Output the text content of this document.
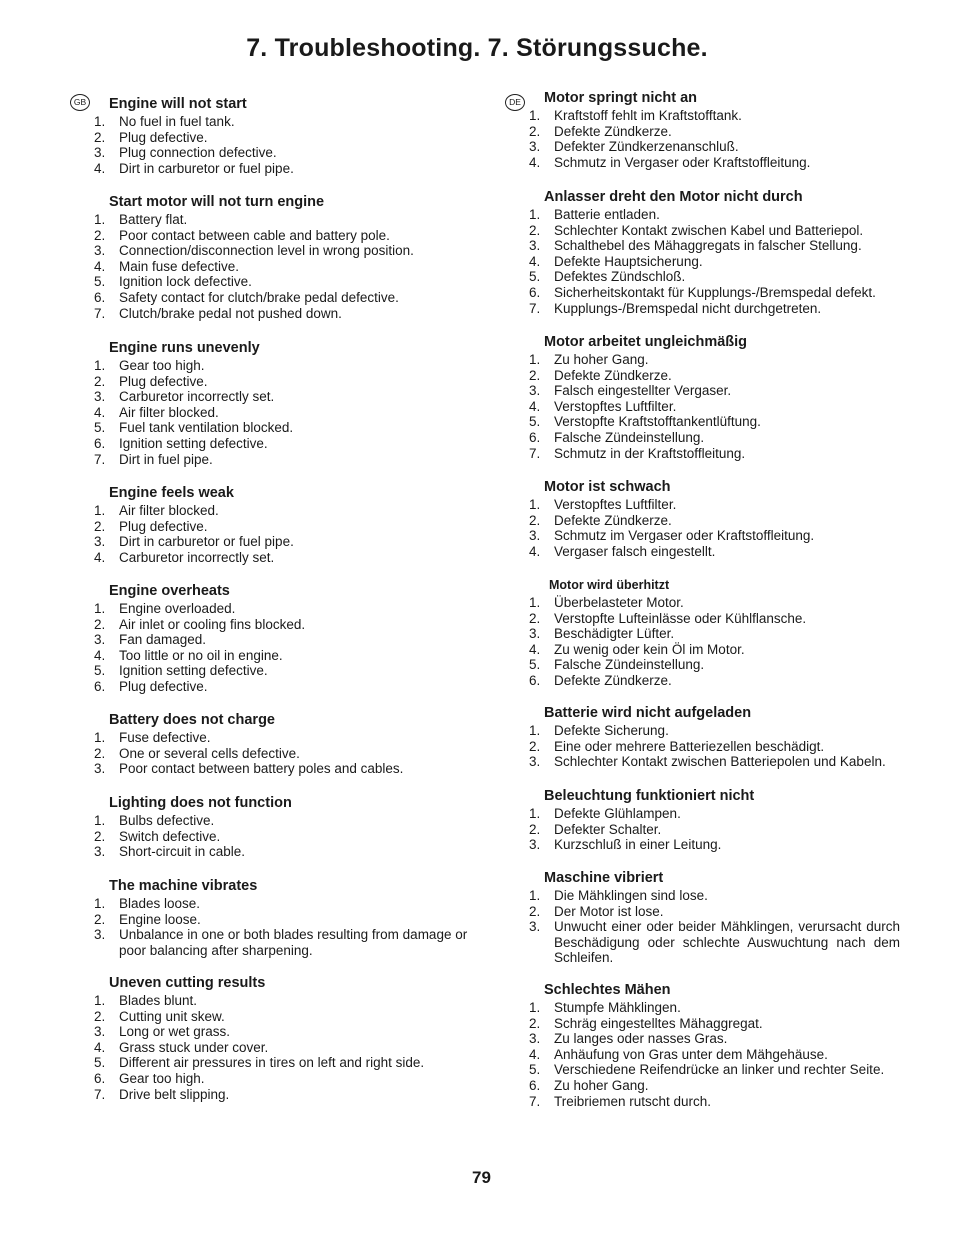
7. Troubleshooting. 7. Störungssuche.
GB Engine will not start
1. No fuel in fuel tank.
2. Plug defective.
3. Plug connection defective.
4. Dirt in carburetor or fuel pipe.
Start motor will not turn engine
1. Battery flat.
2. Poor contact between cable and battery pole.
3. Connection/disconnection level in wrong position.
4. Main fuse defective.
5. Ignition lock defective.
6. Safety contact for clutch/brake pedal defective.
7. Clutch/brake pedal not pushed down.
Engine runs unevenly
1. Gear too high.
2. Plug defective.
3. Carburetor incorrectly set.
4. Air filter blocked.
5. Fuel tank ventilation blocked.
6. Ignition setting defective.
7. Dirt in fuel pipe.
Engine feels weak
1. Air filter blocked.
2. Plug defective.
3. Dirt in carburetor or fuel pipe.
4. Carburetor incorrectly set.
Engine overheats
1. Engine overloaded.
2. Air inlet or cooling fins blocked.
3. Fan damaged.
4. Too little or no oil in engine.
5. Ignition setting defective.
6. Plug defective.
Battery does not charge
1. Fuse defective.
2. One or several cells defective.
3. Poor contact between battery poles and cables.
Lighting does not function
1. Bulbs defective.
2. Switch defective.
3. Short-circuit in cable.
The machine vibrates
1. Blades loose.
2. Engine loose.
3. Unbalance in one or both blades resulting from damage or poor balancing after sharpening.
Uneven cutting results
1. Blades blunt.
2. Cutting unit skew.
3. Long or wet grass.
4. Grass stuck under cover.
5. Different air pressures in tires on left and right side.
6. Gear too high.
7. Drive belt slipping.
DE Motor springt nicht an
1. Kraftstoff fehlt im Kraftstofftank.
2. Defekte Zündkerze.
3. Defekter Zündkerzenanschluß.
4. Schmutz in Vergaser oder Kraftstoffleitung.
Anlasser dreht den Motor nicht durch
1. Batterie entladen.
2. Schlechter Kontakt zwischen Kabel und Batteriepol.
3. Schalthebel des Mähaggregats in falscher Stellung.
4. Defekte Hauptsicherung.
5. Defektes Zündschloß.
6. Sicherheitskontakt für Kupplungs-/Bremspedal defekt.
7. Kupplungs-/Bremspedal nicht durchgetreten.
Motor arbeitet ungleichmäßig
1. Zu hoher Gang.
2. Defekte Zündkerze.
3. Falsch eingestellter Vergaser.
4. Verstopftes Luftfilter.
5. Verstopfte Kraftstofftankentlüftung.
6. Falsche Zündeinstellung.
7. Schmutz in der Kraftstoffleitung.
Motor ist schwach
1. Verstopftes Luftfilter.
2. Defekte Zündkerze.
3. Schmutz im Vergaser oder Kraftstoffleitung.
4. Vergaser falsch eingestellt.
Motor wird überhitzt
1. Überbelasteter Motor.
2. Verstopfte Lufteinlässe oder Kühlflansche.
3. Beschädigter Lüfter.
4. Zu wenig oder kein Öl im Motor.
5. Falsche Zündeinstellung.
6. Defekte Zündkerze.
Batterie wird nicht aufgeladen
1. Defekte Sicherung.
2. Eine oder mehrere Batteriezellen beschädigt.
3. Schlechter Kontakt zwischen Batteriepolen und Kabeln.
Beleuchtung funktioniert nicht
1. Defekte Glühlampen.
2. Defekter Schalter.
3. Kurzschluß in einer Leitung.
Maschine vibriert
1. Die Mähklingen sind lose.
2. Der Motor ist lose.
3. Unwucht einer oder beider Mähklingen, verursacht durch Beschädigung oder schlechte Auswuchtung nach dem Schleifen.
Schlechtes Mähen
1. Stumpfe Mähklingen.
2. Schräg eingestelltes Mähaggregat.
3. Zu langes oder nasses Gras.
4. Anhäufung von Gras unter dem Mähgehäuse.
5. Verschiedene Reifendrücke an linker und rechter Seite.
6. Zu hoher Gang.
7. Treibriemen rutscht durch.
79
